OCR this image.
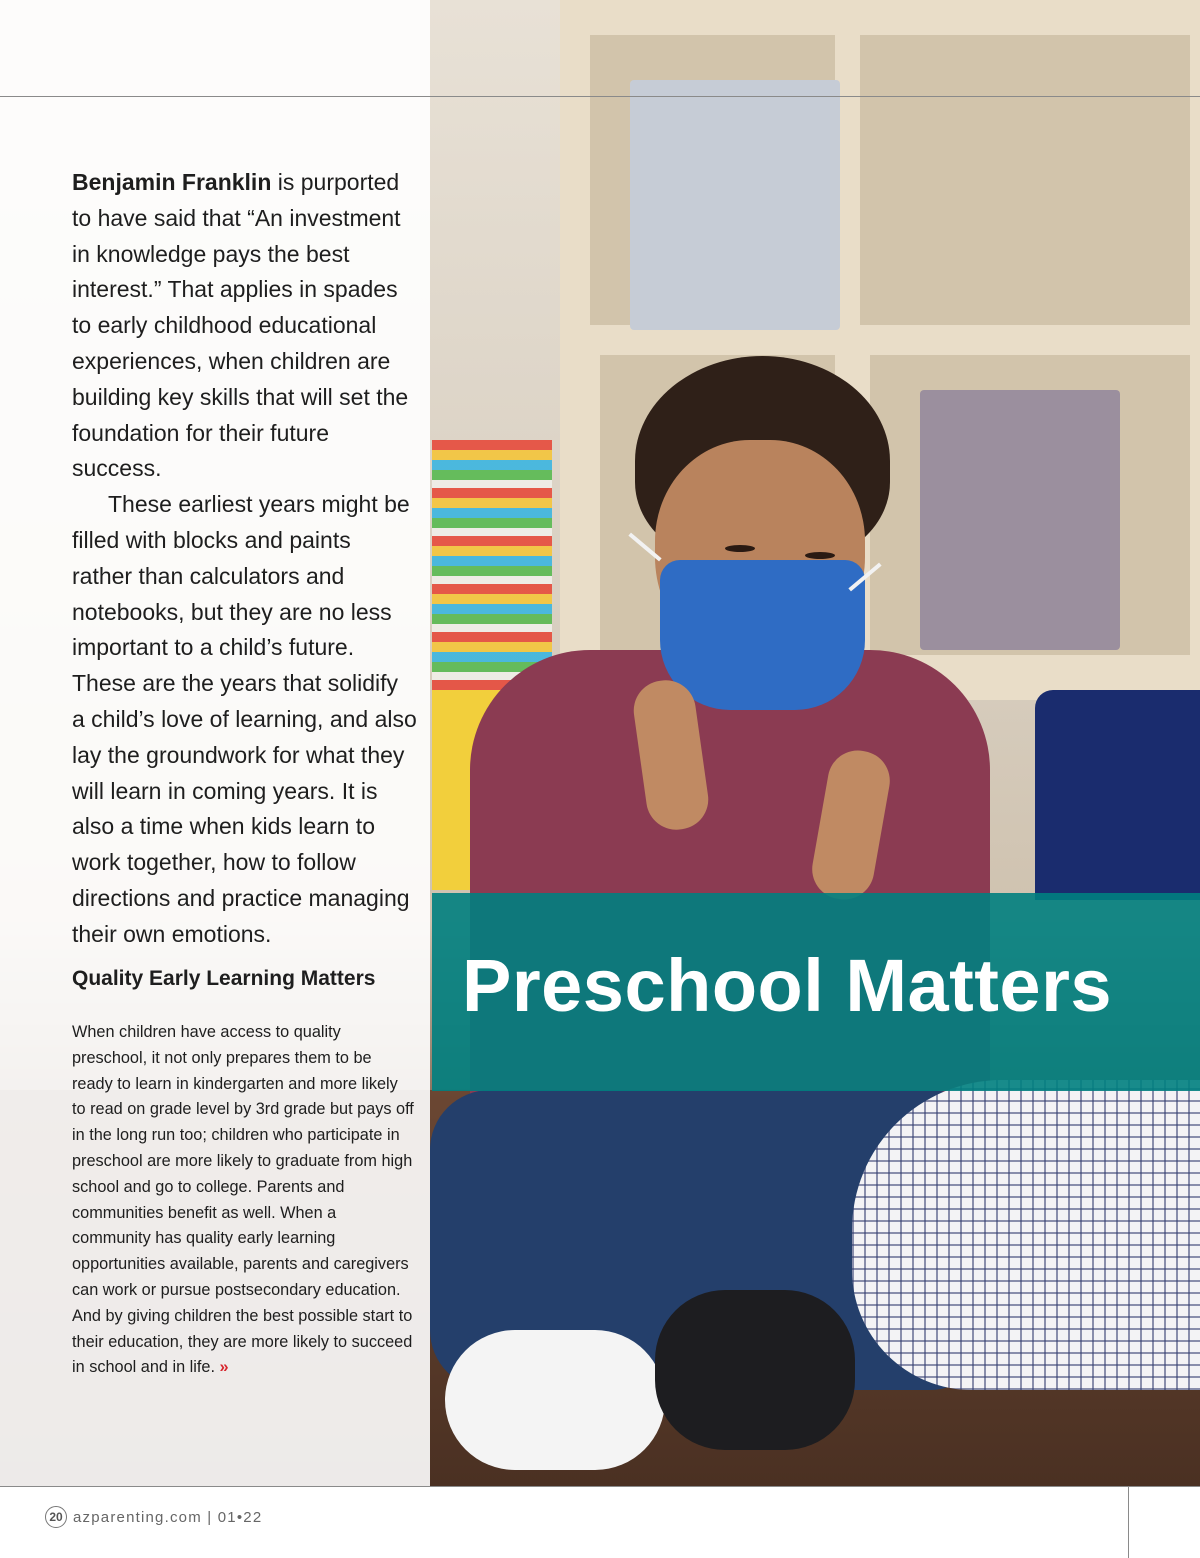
Benjamin Franklin is purported to have said that “An investment in knowledge pays the best interest.” That applies in spades to early childhood educational experiences, when children are building key skills that will set the foundation for their future success.

These earliest years might be filled with blocks and paints rather than calculators and notebooks, but they are no less important to a child’s future. These are the years that solidify a child’s love of learning, and also lay the groundwork for what they will learn in coming years. It is also a time when kids learn to work together, how to follow directions and practice managing their own emotions.

Quality Early Learning Matters

When children have access to quality preschool, it not only prepares them to be ready to learn in kindergarten and more likely to read on grade level by 3rd grade but pays off in the long run too; children who participate in preschool are more likely to graduate from high school and go to college. Parents and communities benefit as well. When a community has quality early learning opportunities available, parents and caregivers can work or pursue postsecondary education. And by giving children the best possible start to their education, they are more likely to succeed in school and in life. »

Preschool Matters
20 azparenting.com | 01•22
